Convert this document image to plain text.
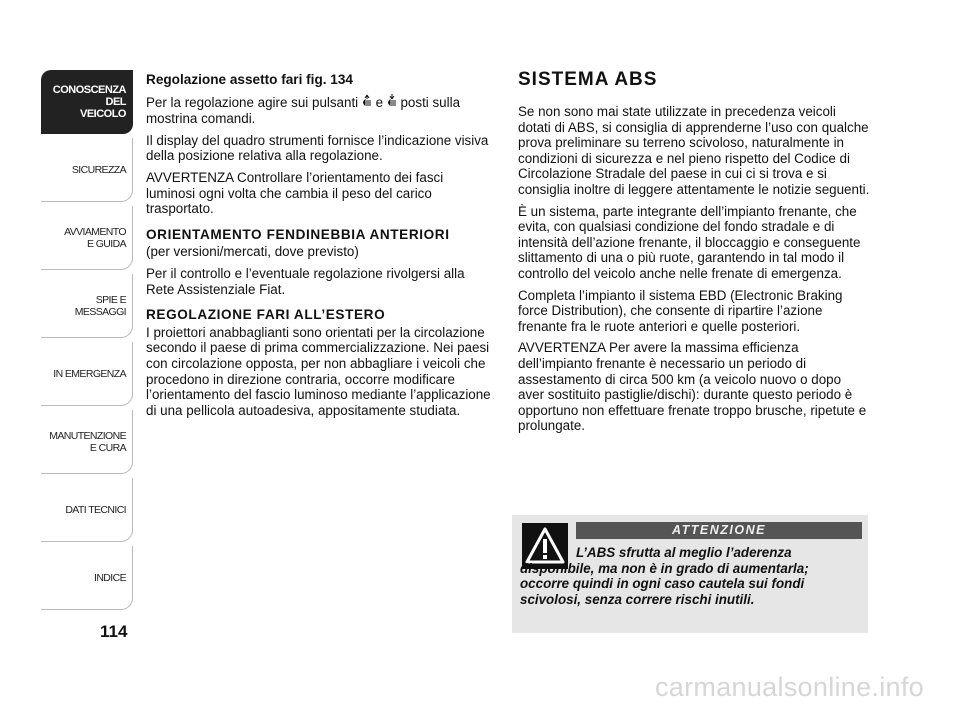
CONOSCENZA
DEL
VEICOLO
SICUREZZA
AVVIAMENTO
E GUIDA
SPIE E
MESSAGGI
IN EMERGENZA
MANUTENZIONE
E CURA
DATI TECNICI
INDICE
114

Regolazione assetto fari fig. 134

Per la regolazione agire sui pulsanti  e  posti sulla mostrina comandi.

Il display del quadro strumenti fornisce l’indicazione visiva della posizione relativa alla regolazione.

AVVERTENZA Controllare l’orientamento dei fasci luminosi ogni volta che cambia il peso del carico trasportato.

ORIENTAMENTO FENDINEBBIA ANTERIORI

(per versioni/mercati, dove previsto)

Per il controllo e l’eventuale regolazione rivolgersi alla Rete Assistenziale Fiat.

REGOLAZIONE FARI ALL’ESTERO

I proiettori anabbaglianti sono orientati per la circolazione secondo il paese di prima commercializzazione. Nei paesi con circolazione opposta, per non abbagliare i veicoli che procedono in direzione contraria, occorre modificare l’orientamento del fascio luminoso mediante l’applicazione di una pellicola autoadesiva, appositamente studiata.

SISTEMA ABS

Se non sono mai state utilizzate in precedenza veicoli dotati di ABS, si consiglia di apprenderne l’uso con qualche prova preliminare su terreno scivoloso, naturalmente in condizioni di sicurezza e nel pieno rispetto del Codice di Circolazione Stradale del paese in cui ci si trova e si consiglia inoltre di leggere attentamente le notizie seguenti.

È un sistema, parte integrante dell’impianto frenante, che evita, con qualsiasi condizione del fondo stradale e di intensità dell’azione frenante, il bloccaggio e conseguente slittamento di una o più ruote, garantendo in tal modo il controllo del veicolo anche nelle frenate di emergenza.

Completa l’impianto il sistema EBD (Electronic Braking force Distribution), che consente di ripartire l’azione frenante fra le ruote anteriori e quelle posteriori.

AVVERTENZA Per avere la massima efficienza dell’impianto frenante è necessario un periodo di assestamento di circa 500 km (a veicolo nuovo o dopo aver sostituito pastiglie/dischi): durante questo periodo è opportuno non effettuare frenate troppo brusche, ripetute e prolungate.

ATTENZIONE
L’ABS sfrutta al meglio l’aderenza disponibile, ma non è in grado di aumentarla; occorre quindi in ogni caso cautela sui fondi scivolosi, senza correre rischi inutili.
carmanualsonline.info
